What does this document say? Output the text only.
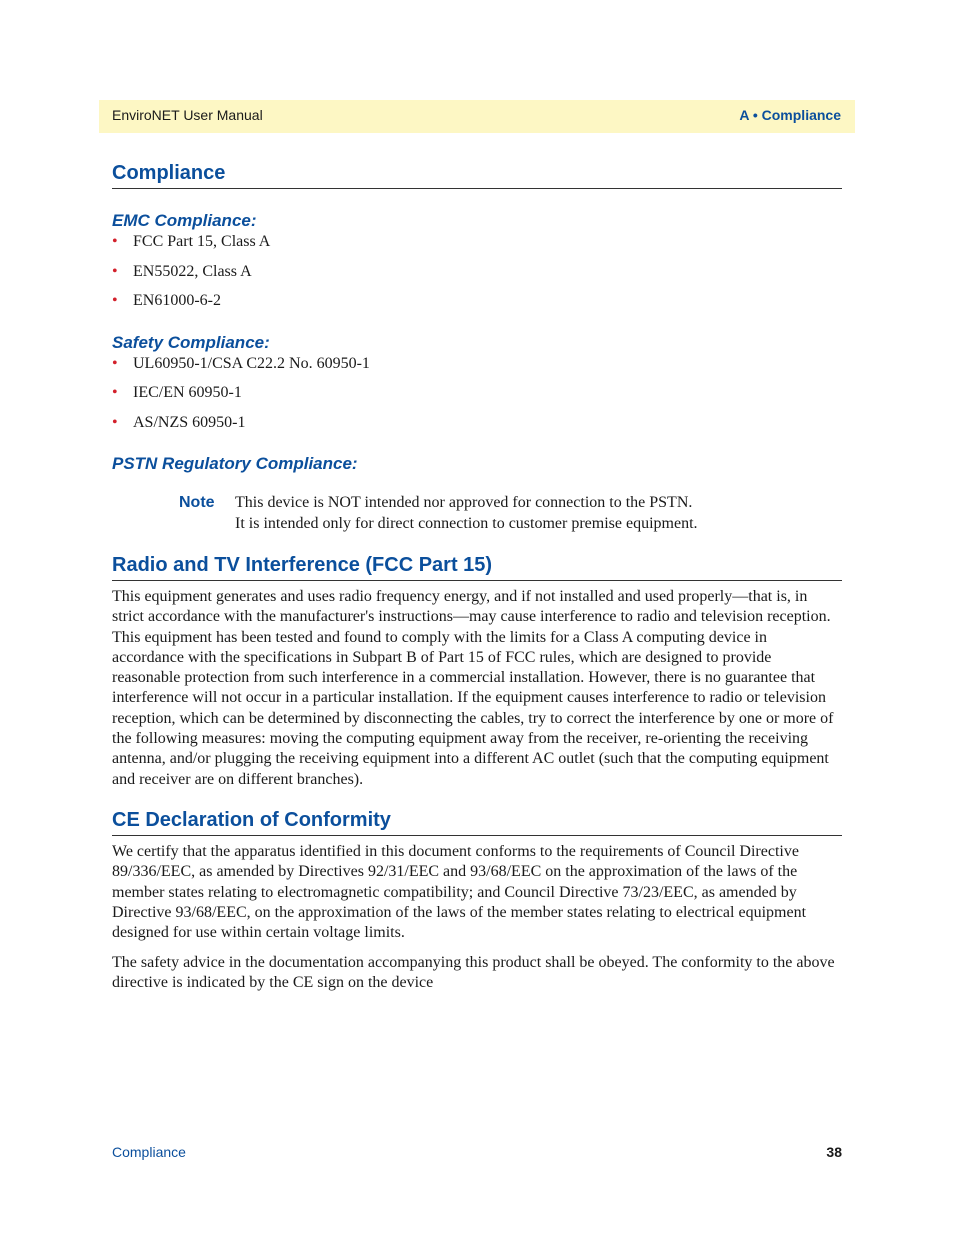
EnviroNET User Manual	A • Compliance
Compliance
EMC Compliance:

• FCC Part 15, Class A

• EN55022, Class A

• EN61000-6-2

Safety Compliance:

• UL60950-1/CSA C22.2 No. 60950-1

• IEC/EN 60950-1

• AS/NZS 60950-1

PSTN Regulatory Compliance:
Note This device is NOT intended nor approved for connection to the PSTN.
It is intended only for direct connection to customer premise equipment.

Radio and TV Interference (FCC Part 15)

This equipment generates and uses radio frequency energy, and if not installed and used properly—that is, in strict accordance with the manufacturer's instructions—may cause interference to radio and television reception. This equipment has been tested and found to comply with the limits for a Class A computing device in accordance with the specifications in Subpart B of Part 15 of FCC rules, which are designed to provide reasonable protection from such interference in a commercial installation. However, there is no guarantee that interference will not occur in a particular installation. If the equipment causes interference to radio or television reception, which can be determined by disconnecting the cables, try to correct the interference by one or more of the following measures: moving the computing equipment away from the receiver, re-orienting the receiving antenna, and/or plugging the receiving equipment into a different AC outlet (such that the computing equipment and receiver are on different branches).

CE Declaration of Conformity

We certify that the apparatus identified in this document conforms to the requirements of Council Directive 89/336/EEC, as amended by Directives 92/31/EEC and 93/68/EEC on the approximation of the laws of the member states relating to electromagnetic compatibility; and Council Directive 73/23/EEC, as amended by Directive 93/68/EEC, on the approximation of the laws of the member states relating to electrical equipment designed for use within certain voltage limits.

The safety advice in the documentation accompanying this product shall be obeyed. The conformity to the above directive is indicated by the CE sign on the device

Compliance	38
